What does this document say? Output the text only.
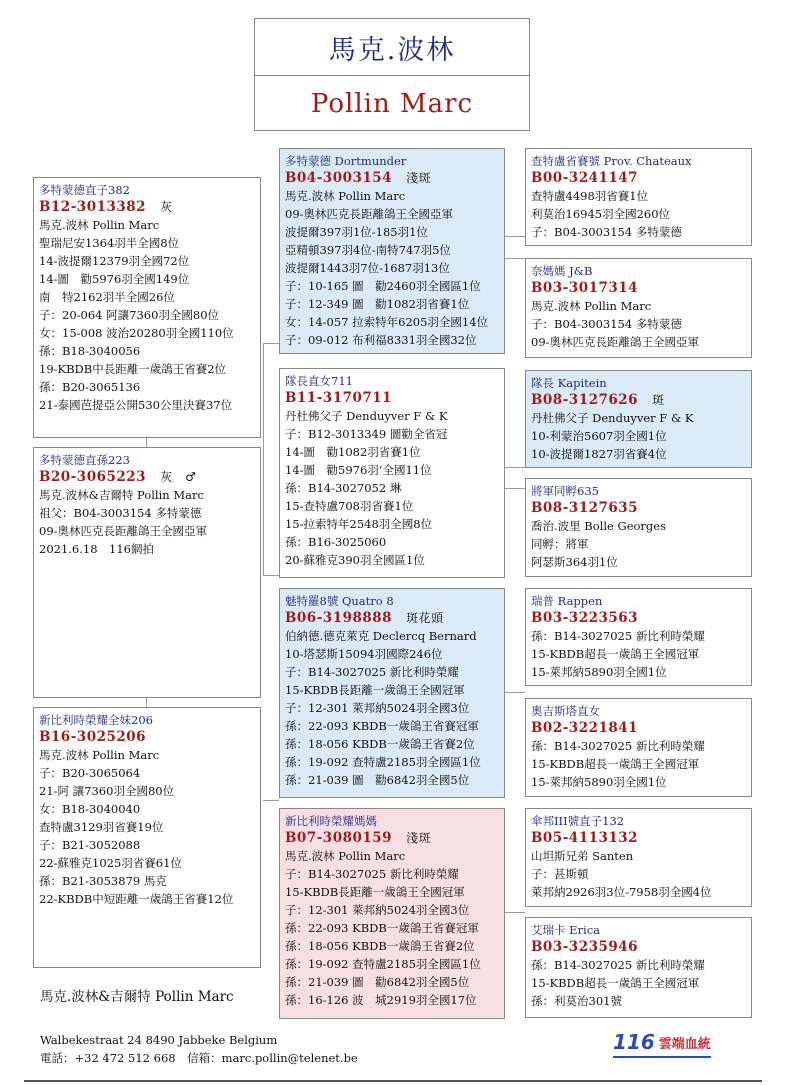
馬克.波林
Pollin Marc
多特蒙德直子382
B12-3013382 灰
馬克.波林 Pollin Marc
聖瑞尼安1364羽半全國8位
14-波提爾12379羽全國72位
14-圖　勸5976羽全國149位
南　特2162羽半全國26位
子：20-064 阿讓7360羽全國80位
女：15-008 波治20280羽全國110位
孫：B18-3040056
19-KBDB中長距離一歲鴿王省賽2位
孫：B20-3065136
21-泰國芭提亞公開530公里決賽37位
多特蒙德直孫223
B20-3065223 灰　♂
馬克.波林&吉爾特 Pollin Marc
祖父：B04-3003154 多特蒙德
09-奧林匹克長距離鴿王全國亞軍
2021.6.18　116網拍
新比利時榮耀全妹206
B16-3025206
馬克.波林 Pollin Marc
子：B20-3065064
21-阿 讓7360羽全國80位
女：B18-3040040
查特盧3129羽省賽19位
子：B21-3052088
22-蘇雅克1025羽省賽61位
孫：B21-3053879 馬克
22-KBDB中短距離一歲鴿王省賽12位
多特蒙德 Dortmunder
B04-3003154 淺斑
馬克.波林 Pollin Marc
09-奧林匹克長距離鴿王全國亞軍
波提爾397羽1位-185羽1位
亞精頓397羽4位-南特747羽5位
波提爾1443羽7位-1687羽13位
子：10-165 圖　勸2460羽全國區1位
子：12-349 圖　勸1082羽省賽1位
女：14-057 拉索特年6205羽全國14位
子：09-012 布利福8331羽全國32位
隊長直女711
B11-3170711
丹杜佛父子 Denduyver F & K
子：B12-3013349 圖勸全省冠
14-圖　勸1082羽省賽1位
14-圖　勸5976羽’全國11位
孫：B14-3027052 琳
15-查特盧708羽省賽1位
15-拉索特年2548羽全國8位
孫：B16-3025060
20-蘇雅克390羽全國區1位
魅特羅8號 Quatro 8
B06-3198888 斑花頭
伯納德.德克萊克 Declercq Bernard
10-塔瑟斯15094羽國際246位
子：B14-3027025 新比利時榮耀
15-KBDB長距離一歲鴿王全國冠軍
子：12-301 萊邦納5024羽全國3位
孫：22-093 KBDB一歲鴿王省賽冠軍
孫：18-056 KBDB一歲鴿王省賽2位
孫：19-092 查特盧2185羽全國區1位
孫：21-039 圖　勸6842羽全國5位
新比利時榮耀媽媽
B07-3080159 淺斑
馬克.波林 Pollin Marc
子：B14-3027025 新比利時榮耀
15-KBDB長距離一歲鴿王全國冠軍
子：12-301 萊邦納5024羽全國3位
孫：22-093 KBDB一歲鴿王省賽冠軍
孫：18-056 KBDB一歲鴿王省賽2位
孫：19-092 查特盧2185羽全國區1位
孫：21-039 圖　勸6842羽全國5位
孫：16-126 波　城2919羽全國17位
查特盧省賽號 Prov. Chateaux
B00-3241147
查特盧4498羽省賽1位
利莫治16945羽全國260位
子：B04-3003154 多特蒙德
奈媽媽 J&B
B03-3017314
馬克.波林 Pollin Marc
子：B04-3003154 多特蒙德
09-奧林匹克長距離鴿王全國亞軍
隊長 Kapitein
B08-3127626 斑
丹杜佛父子 Denduyver F & K
10-利蒙治5607羽全國1位
10-波提爾1827羽省賽4位
將軍同孵635
B08-3127635
喬治.波里 Bolle Georges
同孵：將軍
阿瑟斯364羽1位
瑞普 Rappen
B03-3223563
孫：B14-3027025 新比利時榮耀
15-KBDB超長一歲鴿王全國冠軍
15-萊邦納5890羽全國1位
奧吉斯塔直女
B02-3221841
孫：B14-3027025 新比利時榮耀
15-KBDB超長一歲鴿王全國冠軍
15-萊邦納5890羽全國1位
傘邦III號直子132
B05-4113132
山坦斯兄弟 Santen
子：甚斯頓
萊邦納2926羽3位-7958羽全國4位
艾瑞卡 Erica
B03-3235946
孫：B14-3027025 新比利時榮耀
15-KBDB超長一歲鴿王全國冠軍
孫：利莫治301號
馬克.波林&吉爾特 Pollin Marc
Walbekestraat 24 8490 Jabbeke Belgium
電話：+32 472 512 668　信箱：marc.pollin@telenet.be
116 雲端血統
